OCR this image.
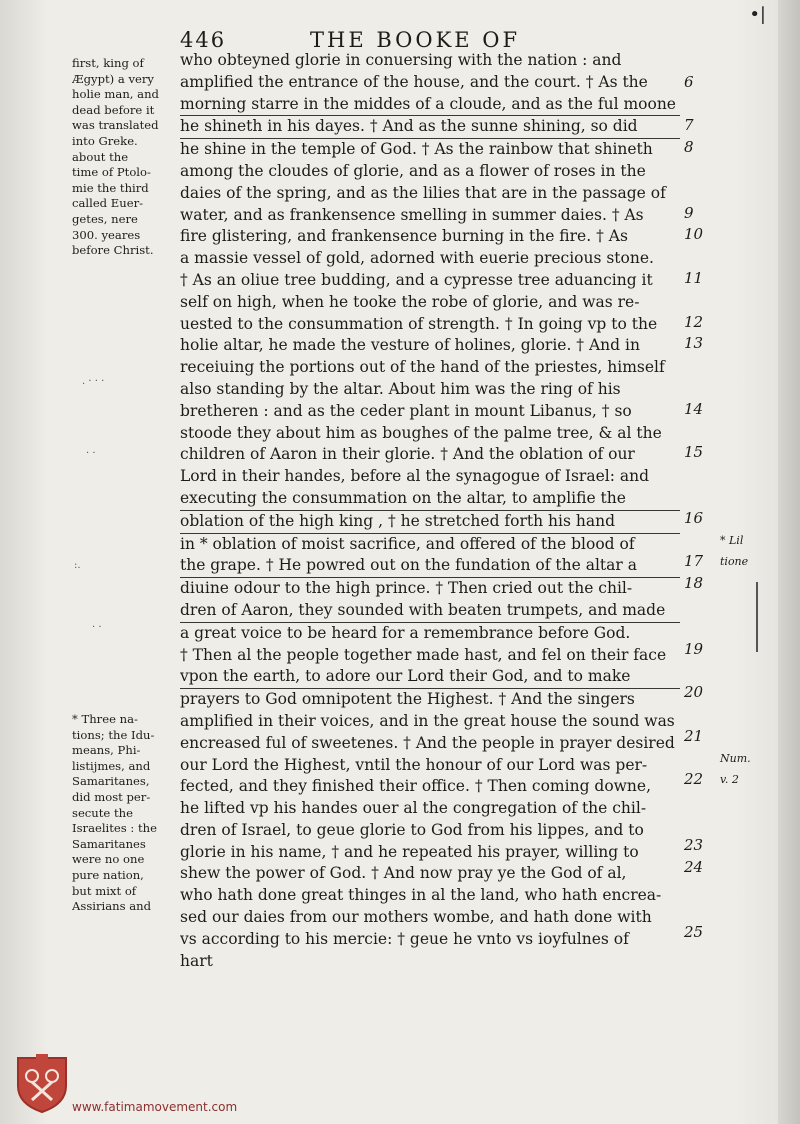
446	THE BOOKE OF
•|
who obteyned glorie in conuersing with the nation : and
amplified the entrance of the house, and the court. † As the
morning starre in the middes of a cloude, and as the ful moone
he shineth in his dayes. † And as the sunne shining, so did
he shine in the temple of God. † As the rainbow that shineth
among the cloudes of glorie, and as a flower of roses in the
daies of the spring, and as the lilies that are in the passage of
water, and as frankensence smelling in summer daies. † As
fire glistering, and frankensence burning in the fire. † As
a massie vessel of gold, adorned with euerie precious stone.
† As an oliue tree budding, and a cypresse tree aduancing it
self on high, when he tooke the robe of glorie, and was re-
uested to the consummation of strength. † In going vp to the
holie altar, he made the vesture of holines, glorie. † And in
receiuing the portions out of the hand of the priestes, himself
also standing by the altar. About him was the ring of his
bretheren : and as the ceder plant in mount Libanus, † so
stoode they about him as boughes of the palme tree, & al the
children of Aaron in their glorie. † And the oblation of our
Lord in their handes, before al the synagogue of Israel: and
executing the consummation on the altar, to amplifie the
oblation of the high king , † he stretched forth his hand
in * oblation of moist sacrifice, and offered of the blood of
the grape. † He powred out on the fundation of the altar a
diuine odour to the high prince. † Then cried out the chil-
dren of Aaron, they sounded with beaten trumpets, and made
a great voice to be heard for a remembrance before God.
† Then al the people together made hast, and fel on their face
vpon the earth, to adore our Lord their God, and to make
prayers to God omnipotent the Highest. † And the singers
amplified in their voices, and in the great house the sound was
encreased ful of sweetenes. † And the people in prayer desired
our Lord the Highest, vntil the honour of our Lord was per-
fected, and they finished their office. † Then coming downe,
he lifted vp his handes ouer al the congregation of the chil-
dren of Israel, to geue glorie to God from his lippes, and to
glorie in his name, † and he repeated his prayer, willing to
shew the power of God. † And now pray ye the God of al,
who hath done great thinges in al the land, who hath encrea-
sed our daies from our mothers wombe, and hath done with
vs according to his mercie: † geue he vnto vs ioyfulnes of
hart
6
7
8
9
10
11
12
13
14
15
16
17
18
19
20
21
22
23
24
25
first, king of
Ægypt) a very
holie man, and
dead before it
was translated
into Greke.
about the
time of Ptolo-
mie the third
called Euer-
getes, nere
300. yeares
before Christ.
* Three na-
tions; the Idu-
means, Phi-
listijmes, and
Samaritanes,
did most per-
secute the
Israelites : the
Samaritanes
were no one
pure nation,
but mixt of
Assirians and
. · · ·
· ·
:.
· ·
* Lil
tione
Num.
v. 2
www.fatimamovement.com
